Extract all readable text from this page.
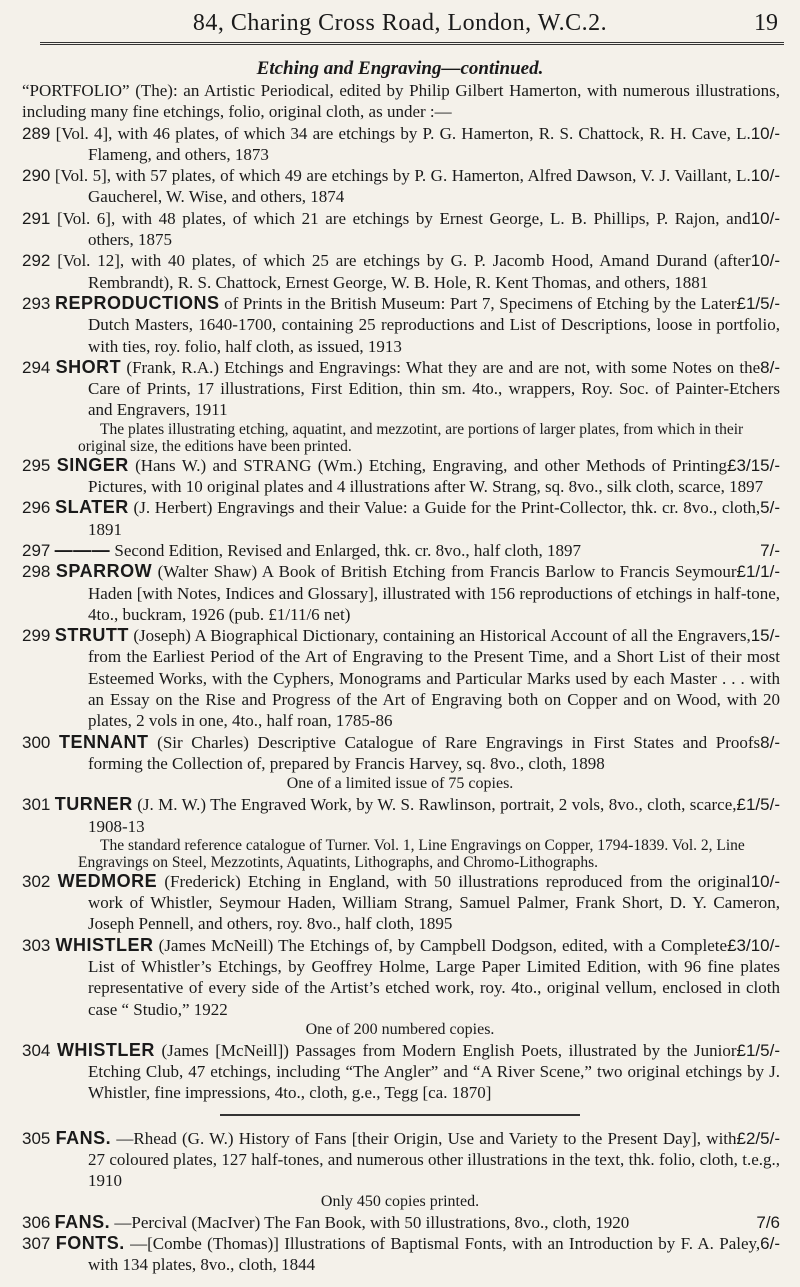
84, Charing Cross Road, London, W.C.2.	19
Etching and Engraving—continued.
“PORTFOLIO” (The): an Artistic Periodical, edited by Philip Gilbert Hamerton, with numerous illustrations, including many fine etchings, folio, original cloth, as under :—
289	10/-
[Vol. 4], with 46 plates, of which 34 are etchings by P. G. Hamerton, R. S. Chattock, R. H. Cave, L. Flameng, and others, 1873
290	10/-
[Vol. 5], with 57 plates, of which 49 are etchings by P. G. Hamerton, Alfred Dawson, V. J. Vaillant, L. Gaucherel, W. Wise, and others, 1874
291	10/-
[Vol. 6], with 48 plates, of which 21 are etchings by Ernest George, L. B. Phillips, P. Rajon, and others, 1875
292	10/-
[Vol. 12], with 40 plates, of which 25 are etchings by G. P. Jacomb Hood, Amand Durand (after Rembrandt), R. S. Chattock, Ernest George, W. B. Hole, R. Kent Thomas, and others, 1881
293 REPRODUCTIONS	£1/5/-
of Prints in the British Museum: Part 7, Specimens of Etching by the Later Dutch Masters, 1640-1700, containing 25 reproductions and List of Descriptions, loose in portfolio, with ties, roy. folio, half cloth, as issued, 1913
294 SHORT	8/-
(Frank, R.A.) Etchings and Engravings: What they are and are not, with some Notes on the Care of Prints, 17 illustrations, First Edition, thin sm. 4to., wrappers, Roy. Soc. of Painter-Etchers and Engravers, 1911
The plates illustrating etching, aquatint, and mezzotint, are portions of larger plates, from which in their original size, the editions have been printed.
295 SINGER	£3/15/-
(Hans W.) and STRANG (Wm.) Etching, Engraving, and other Methods of Printing Pictures, with 10 original plates and 4 illustrations after W. Strang, sq. 8vo., silk cloth, scarce, 1897
296 SLATER	5/-
(J. Herbert) Engravings and their Value: a Guide for the Print-Collector, thk. cr. 8vo., cloth, 1891
297 ———	7/-
Second Edition, Revised and Enlarged, thk. cr. 8vo., half cloth, 1897
298 SPARROW	£1/1/-
(Walter Shaw) A Book of British Etching from Francis Barlow to Francis Seymour Haden [with Notes, Indices and Glossary], illustrated with 156 reproductions of etchings in half-tone, 4to., buckram, 1926 (pub. £1/11/6 net)
299 STRUTT	15/-
(Joseph) A Biographical Dictionary, containing an Historical Account of all the Engravers, from the Earliest Period of the Art of Engraving to the Present Time, and a Short List of their most Esteemed Works, with the Cyphers, Monograms and Particular Marks used by each Master . . . with an Essay on the Rise and Progress of the Art of Engraving both on Copper and on Wood, with 20 plates, 2 vols in one, 4to., half roan, 1785-86
300 TENNANT	8/-
(Sir Charles) Descriptive Catalogue of Rare Engravings in First States and Proofs forming the Collection of, prepared by Francis Harvey, sq. 8vo., cloth, 1898
One of a limited issue of 75 copies.
301 TURNER	£1/5/-
(J. M. W.) The Engraved Work, by W. S. Rawlinson, portrait, 2 vols, 8vo., cloth, scarce, 1908-13
The standard reference catalogue of Turner. Vol. 1, Line Engravings on Copper, 1794-1839. Vol. 2, Line Engravings on Steel, Mezzotints, Aquatints, Lithographs, and Chromo-Lithographs.
302 WEDMORE	10/-
(Frederick) Etching in England, with 50 illustrations reproduced from the original work of Whistler, Seymour Haden, William Strang, Samuel Palmer, Frank Short, D. Y. Cameron, Joseph Pennell, and others, roy. 8vo., half cloth, 1895
303 WHISTLER	£3/10/-
(James McNeill) The Etchings of, by Campbell Dodgson, edited, with a Complete List of Whistler’s Etchings, by Geoffrey Holme, Large Paper Limited Edition, with 96 fine plates representative of every side of the Artist’s etched work, roy. 4to., original vellum, enclosed in cloth case “ Studio,” 1922
One of 200 numbered copies.
304 WHISTLER	£1/5/-
(James [McNeill]) Passages from Modern English Poets, illustrated by the Junior Etching Club, 47 etchings, including “The Angler” and “A River Scene,” two original etchings by J. Whistler, fine impressions, 4to., cloth, g.e., Tegg [ca. 1870]
305 FANS.	£2/5/-
—Rhead (G. W.) History of Fans [their Origin, Use and Variety to the Present Day], with 27 coloured plates, 127 half-tones, and numerous other illustrations in the text, thk. folio, cloth, t.e.g., 1910
Only 450 copies printed.
306 FANS.	7/6
—Percival (MacIver) The Fan Book, with 50 illustrations, 8vo., cloth, 1920
307 FONTS.	6/-
—[Combe (Thomas)] Illustrations of Baptismal Fonts, with an Introduction by F. A. Paley, with 134 plates, 8vo., cloth, 1844
